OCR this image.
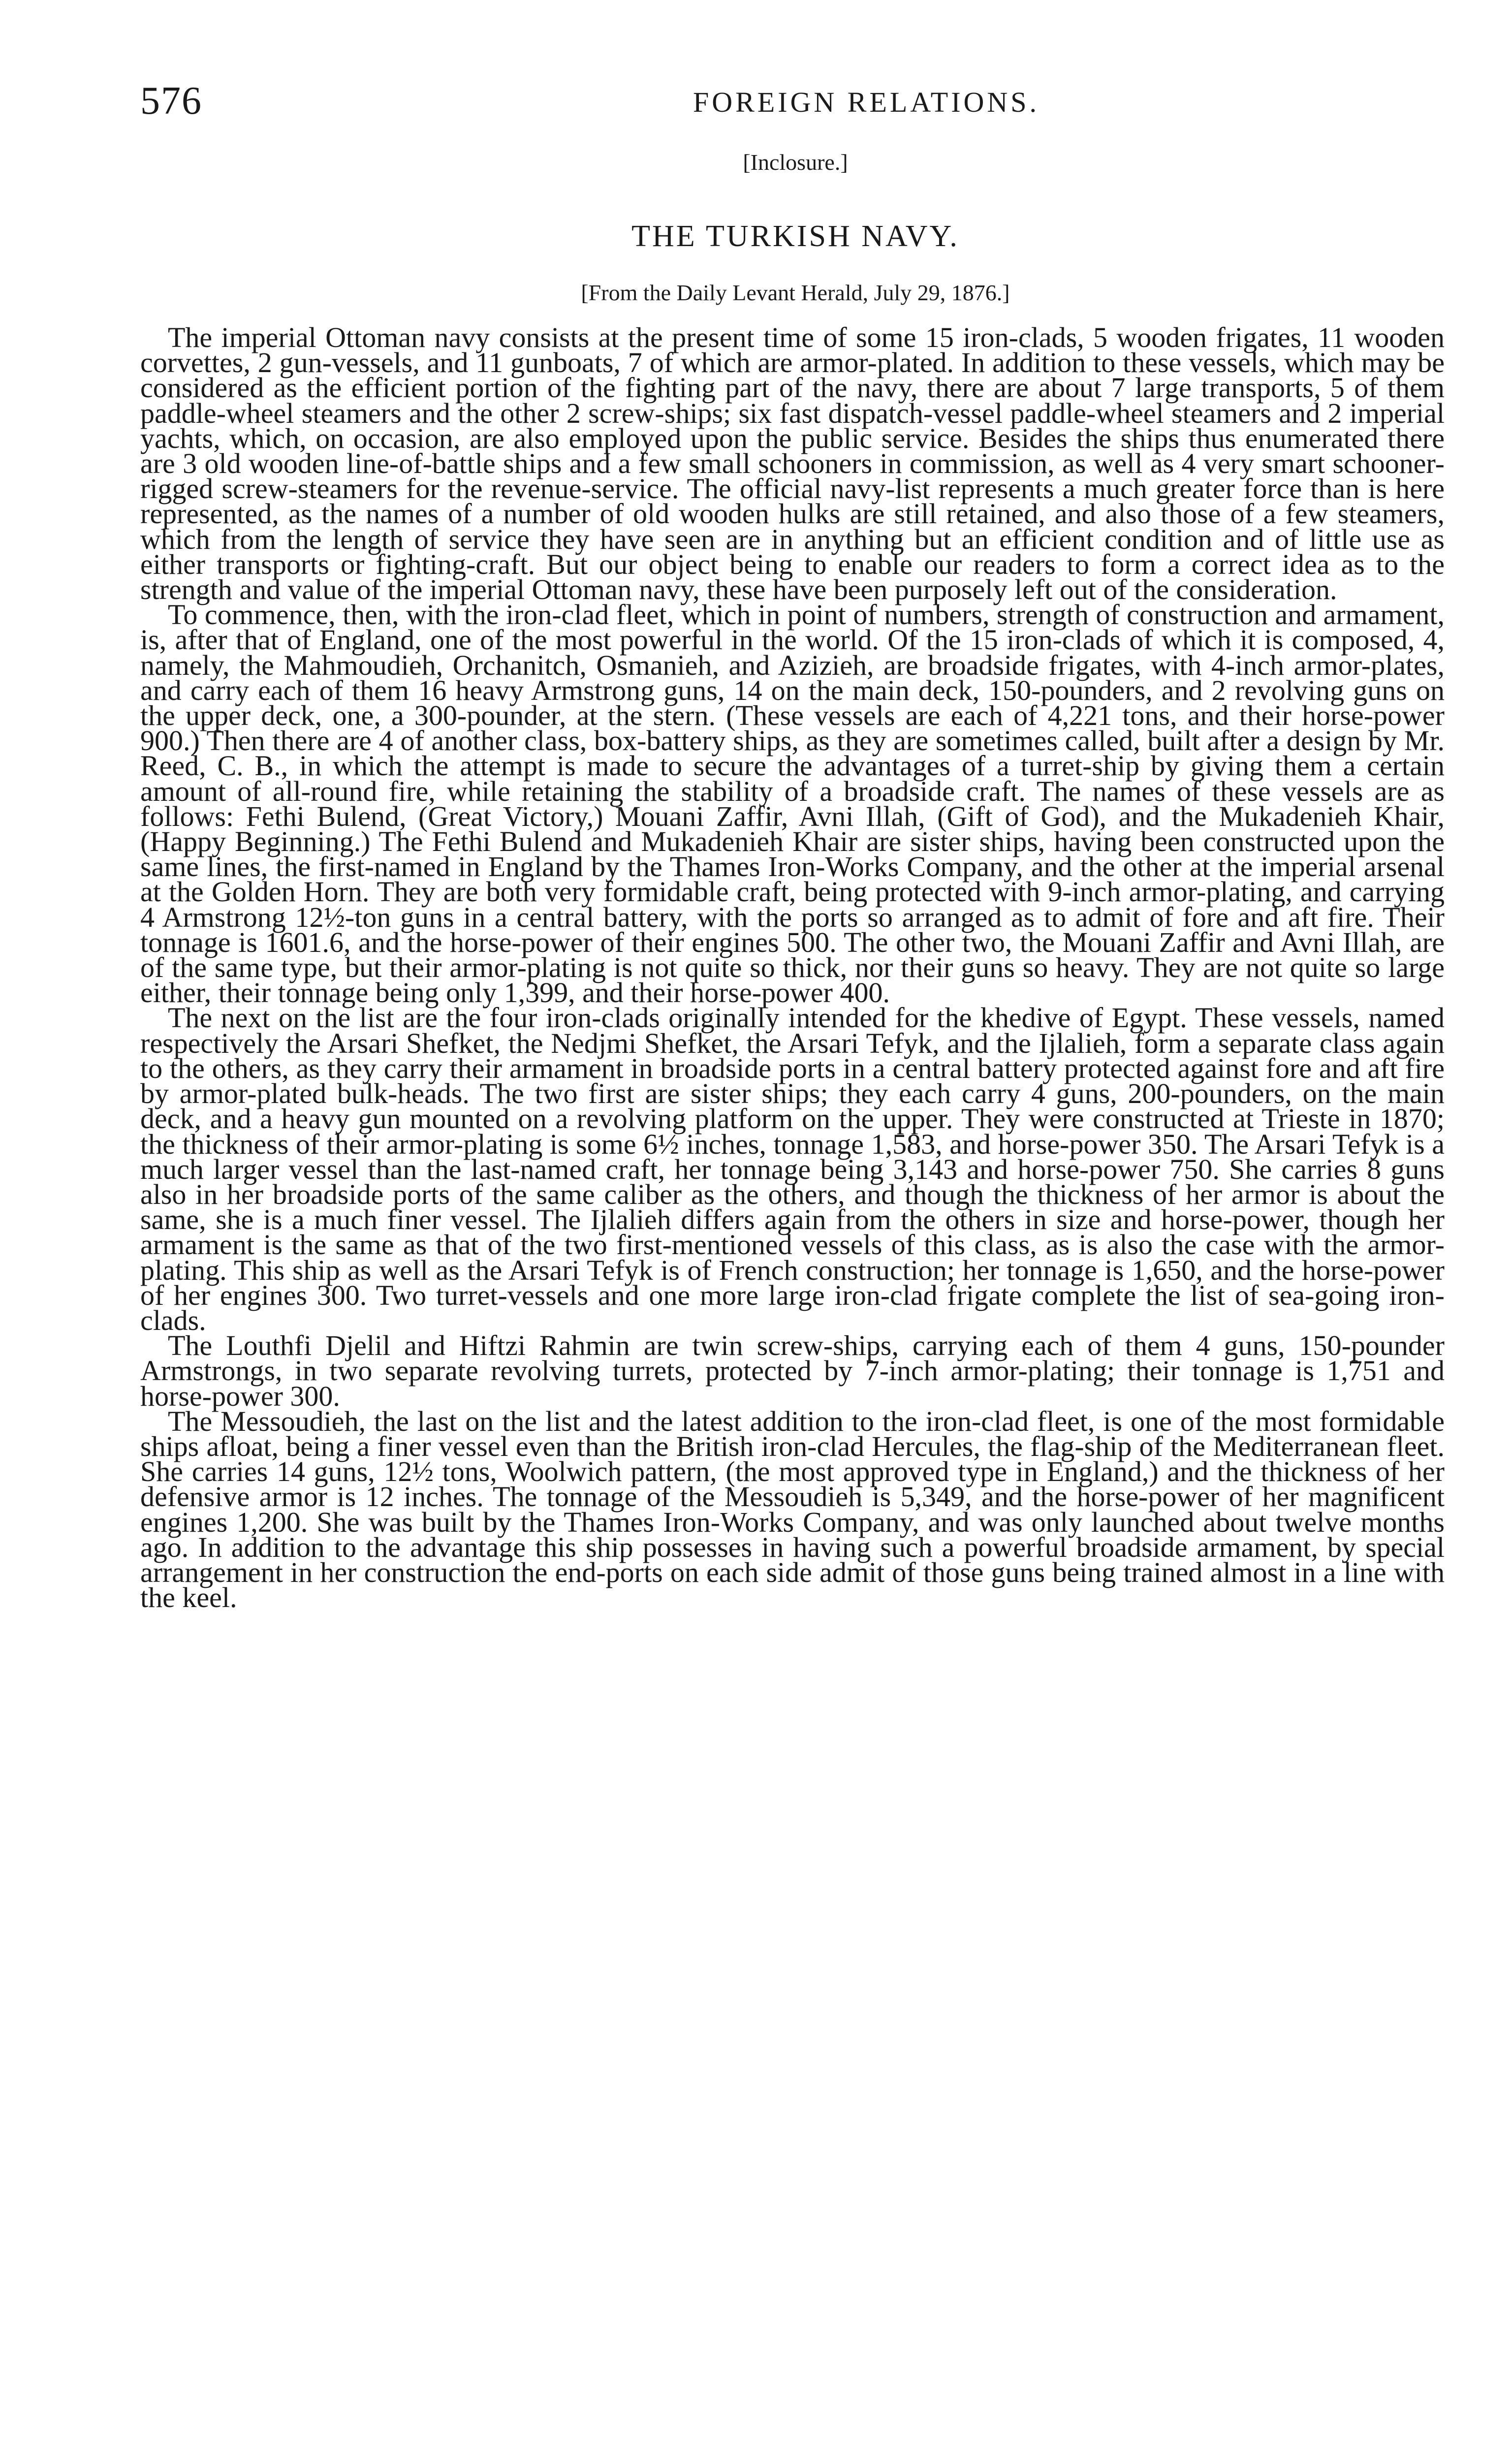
576	FOREIGN RELATIONS.
[Inclosure.]
THE TURKISH NAVY.
[From the Daily Levant Herald, July 29, 1876.]

The imperial Ottoman navy consists at the present time of some 15 iron-clads, 5 wooden frigates, 11 wooden corvettes, 2 gun-vessels, and 11 gunboats, 7 of which are armor-plated. In addition to these vessels, which may be considered as the efficient portion of the fighting part of the navy, there are about 7 large transports, 5 of them paddle-wheel steamers and the other 2 screw-ships; six fast dispatch-vessel paddle-wheel steamers and 2 imperial yachts, which, on occasion, are also employed upon the public service. Besides the ships thus enumerated there are 3 old wooden line-of-battle ships and a few small schooners in commission, as well as 4 very smart schooner-rigged screw-steamers for the revenue-service. The official navy-list represents a much greater force than is here represented, as the names of a number of old wooden hulks are still retained, and also those of a few steamers, which from the length of service they have seen are in anything but an efficient condition and of little use as either transports or fighting-craft. But our object being to enable our readers to form a correct idea as to the strength and value of the imperial Ottoman navy, these have been purposely left out of the consideration.

To commence, then, with the iron-clad fleet, which in point of numbers, strength of construction and armament, is, after that of England, one of the most powerful in the world. Of the 15 iron-clads of which it is composed, 4, namely, the Mahmoudieh, Orchanitch, Osmanieh, and Azizieh, are broadside frigates, with 4-inch armor-plates, and carry each of them 16 heavy Armstrong guns, 14 on the main deck, 150-pounders, and 2 revolving guns on the upper deck, one, a 300-pounder, at the stern. (These vessels are each of 4,221 tons, and their horse-power 900.) Then there are 4 of another class, box-battery ships, as they are sometimes called, built after a design by Mr. Reed, C. B., in which the attempt is made to secure the advantages of a turret-ship by giving them a certain amount of all-round fire, while retaining the stability of a broadside craft. The names of these vessels are as follows: Fethi Bulend, (Great Victory,) Mouani Zaffir, Avni Illah, (Gift of God), and the Mukadenieh Khair, (Happy Beginning.) The Fethi Bulend and Mukadenieh Khair are sister ships, having been constructed upon the same lines, the first-named in England by the Thames Iron-Works Company, and the other at the imperial arsenal at the Golden Horn. They are both very formidable craft, being protected with 9-inch armor-plating, and carrying 4 Armstrong 12½-ton guns in a central battery, with the ports so arranged as to admit of fore and aft fire. Their tonnage is 1601.6, and the horse-power of their engines 500. The other two, the Mouani Zaffir and Avni Illah, are of the same type, but their armor-plating is not quite so thick, nor their guns so heavy. They are not quite so large either, their tonnage being only 1,399, and their horse-power 400.

The next on the list are the four iron-clads originally intended for the khedive of Egypt. These vessels, named respectively the Arsari Shefket, the Nedjmi Shefket, the Arsari Tefyk, and the Ijlalieh, form a separate class again to the others, as they carry their armament in broadside ports in a central battery protected against fore and aft fire by armor-plated bulk-heads. The two first are sister ships; they each carry 4 guns, 200-pounders, on the main deck, and a heavy gun mounted on a revolving platform on the upper. They were constructed at Trieste in 1870; the thickness of their armor-plating is some 6½ inches, tonnage 1,583, and horse-power 350. The Arsari Tefyk is a much larger vessel than the last-named craft, her tonnage being 3,143 and horse-power 750. She carries 8 guns also in her broadside ports of the same caliber as the others, and though the thickness of her armor is about the same, she is a much finer vessel. The Ijlalieh differs again from the others in size and horse-power, though her armament is the same as that of the two first-mentioned vessels of this class, as is also the case with the armor-plating. This ship as well as the Arsari Tefyk is of French construction; her tonnage is 1,650, and the horse-power of her engines 300. Two turret-vessels and one more large iron-clad frigate complete the list of sea-going iron-clads.

The Louthfi Djelil and Hiftzi Rahmin are twin screw-ships, carrying each of them 4 guns, 150-pounder Armstrongs, in two separate revolving turrets, protected by 7-inch armor-plating; their tonnage is 1,751 and horse-power 300.

The Messoudieh, the last on the list and the latest addition to the iron-clad fleet, is one of the most formidable ships afloat, being a finer vessel even than the British iron-clad Hercules, the flag-ship of the Mediterranean fleet. She carries 14 guns, 12½ tons, Woolwich pattern, (the most approved type in England,) and the thickness of her defensive armor is 12 inches. The tonnage of the Messoudieh is 5,349, and the horse-power of her magnificent engines 1,200. She was built by the Thames Iron-Works Company, and was only launched about twelve months ago. In addition to the advantage this ship possesses in having such a powerful broadside armament, by special arrangement in her construction the end-ports on each side admit of those guns being trained almost in a line with the keel.
